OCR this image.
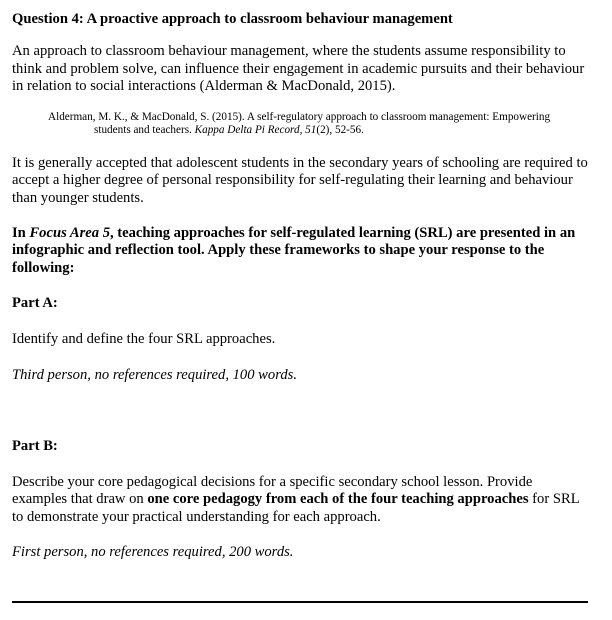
Question 4: A proactive approach to classroom behaviour management

An approach to classroom behaviour management, where the students assume responsibility to think and problem solve, can influence their engagement in academic pursuits and their behaviour in relation to social interactions (Alderman & MacDonald, 2015).

Alderman, M. K., & MacDonald, S. (2015). A self-regulatory approach to classroom management: Empowering students and teachers. Kappa Delta Pi Record, 51(2), 52-56.

It is generally accepted that adolescent students in the secondary years of schooling are required to accept a higher degree of personal responsibility for self-regulating their learning and behaviour than younger students.

In Focus Area 5, teaching approaches for self-regulated learning (SRL) are presented in an infographic and reflection tool. Apply these frameworks to shape your response to the following:

Part A:

Identify and define the four SRL approaches.

Third person, no references required, 100 words.

Part B:

Describe your core pedagogical decisions for a specific secondary school lesson. Provide examples that draw on one core pedagogy from each of the four teaching approaches for SRL to demonstrate your practical understanding for each approach.

First person, no references required, 200 words.
